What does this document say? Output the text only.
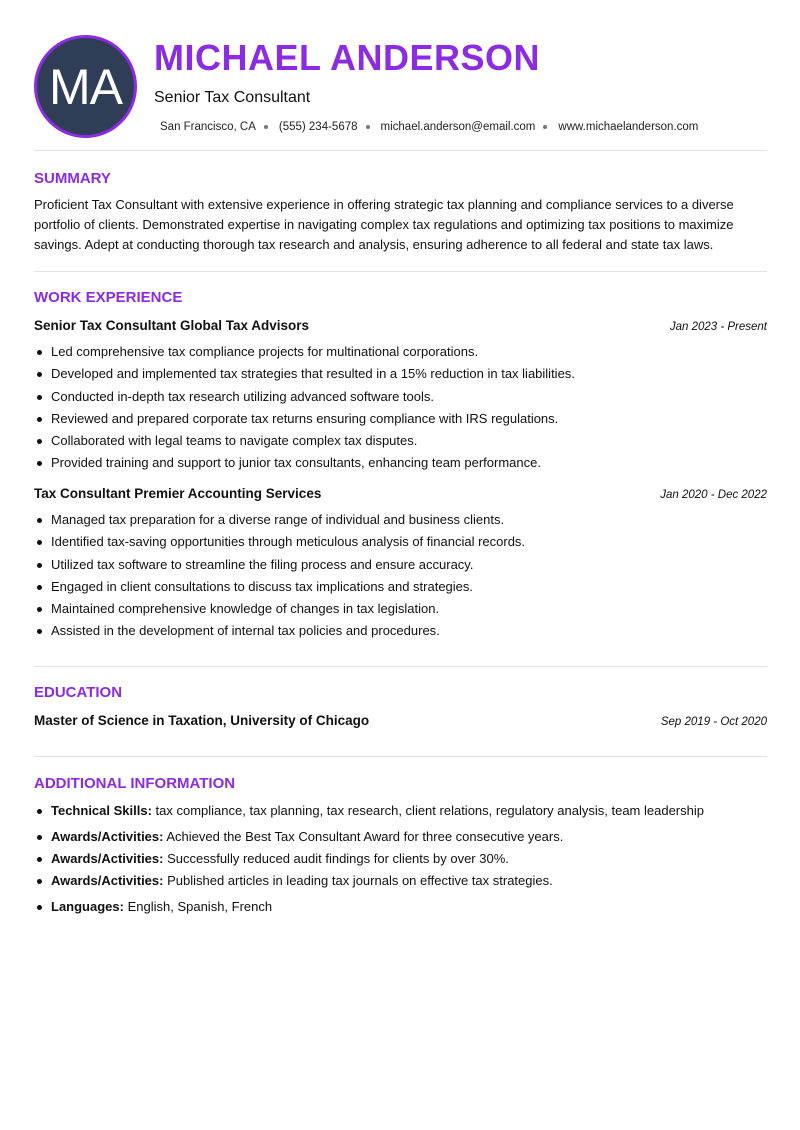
MA
MICHAEL ANDERSON
Senior Tax Consultant
San Francisco, CA (555) 234-5678 michael.anderson@email.com www.michaelanderson.com
SUMMARY

Proficient Tax Consultant with extensive experience in offering strategic tax planning and compliance services to a diverse portfolio of clients. Demonstrated expertise in navigating complex tax regulations and optimizing tax positions to maximize savings. Adept at conducting thorough tax research and analysis, ensuring adherence to all federal and state tax laws.

WORK EXPERIENCE
Senior Tax Consultant Global Tax Advisors	Jan 2023 - Present
Led comprehensive tax compliance projects for multinational corporations.
Developed and implemented tax strategies that resulted in a 15% reduction in tax liabilities.
Conducted in-depth tax research utilizing advanced software tools.
Reviewed and prepared corporate tax returns ensuring compliance with IRS regulations.
Collaborated with legal teams to navigate complex tax disputes.
Provided training and support to junior tax consultants, enhancing team performance.
Tax Consultant Premier Accounting Services	Jan 2020 - Dec 2022
Managed tax preparation for a diverse range of individual and business clients.
Identified tax-saving opportunities through meticulous analysis of financial records.
Utilized tax software to streamline the filing process and ensure accuracy.
Engaged in client consultations to discuss tax implications and strategies.
Maintained comprehensive knowledge of changes in tax legislation.
Assisted in the development of internal tax policies and procedures.
EDUCATION
Master of Science in Taxation, University of Chicago	Sep 2019 - Oct 2020
ADDITIONAL INFORMATION
Technical Skills: tax compliance, tax planning, tax research, client relations, regulatory analysis, team leadership
Awards/Activities: Achieved the Best Tax Consultant Award for three consecutive years.
Awards/Activities: Successfully reduced audit findings for clients by over 30%.
Awards/Activities: Published articles in leading tax journals on effective tax strategies.
Languages: English, Spanish, French
